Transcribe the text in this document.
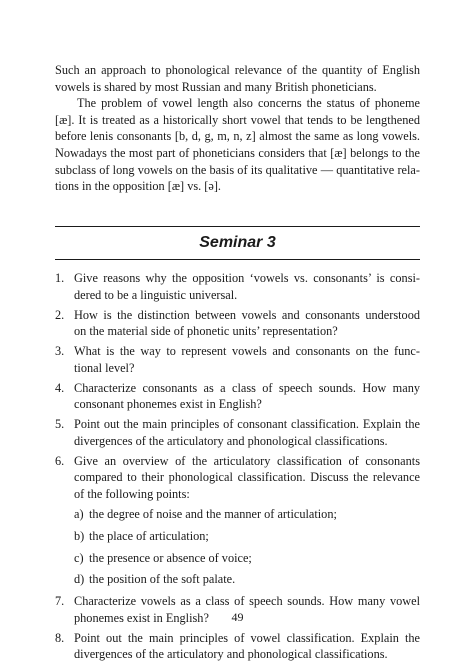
Such an approach to phonological relevance of the quantity of English
vowels is shared by most Russian and many British phoneticians.

The problem of vowel length also concerns the status of phoneme
[æ]. It is treated as a historically short vowel that tends to be lengthened
before lenis consonants [b, d, g, m, n, z] almost the same as long vowels.
Nowadays the most part of phoneticians considers that [æ] belongs to the
subclass of long vowels on the basis of its qualitative — quantitative rela-
tions in the opposition [æ] vs. [ə].

Seminar 3
1. Give reasons why the opposition ‘vowels vs. consonants’ is consi-
dered to be a linguistic universal.
2. How is the distinction between vowels and consonants understood
on the material side of phonetic units’ representation?
3. What is the way to represent vowels and consonants on the func-
tional level?
4. Characterize consonants as a class of speech sounds. How many
consonant phonemes exist in English?
5. Point out the main principles of consonant classification. Explain the
divergences of the articulatory and phonological classifications.
6. Give an overview of the articulatory classification of consonants
compared to their phonological classification. Discuss the relevance
of the following points:
a) the degree of noise and the manner of articulation;
b) the place of articulation;
c) the presence or absence of voice;
d) the position of the soft palate.
7. Characterize vowels as a class of speech sounds. How many vowel
phonemes exist in English?
8. Point out the main principles of vowel classification. Explain the
divergences of the articulatory and phonological classifications.
49
